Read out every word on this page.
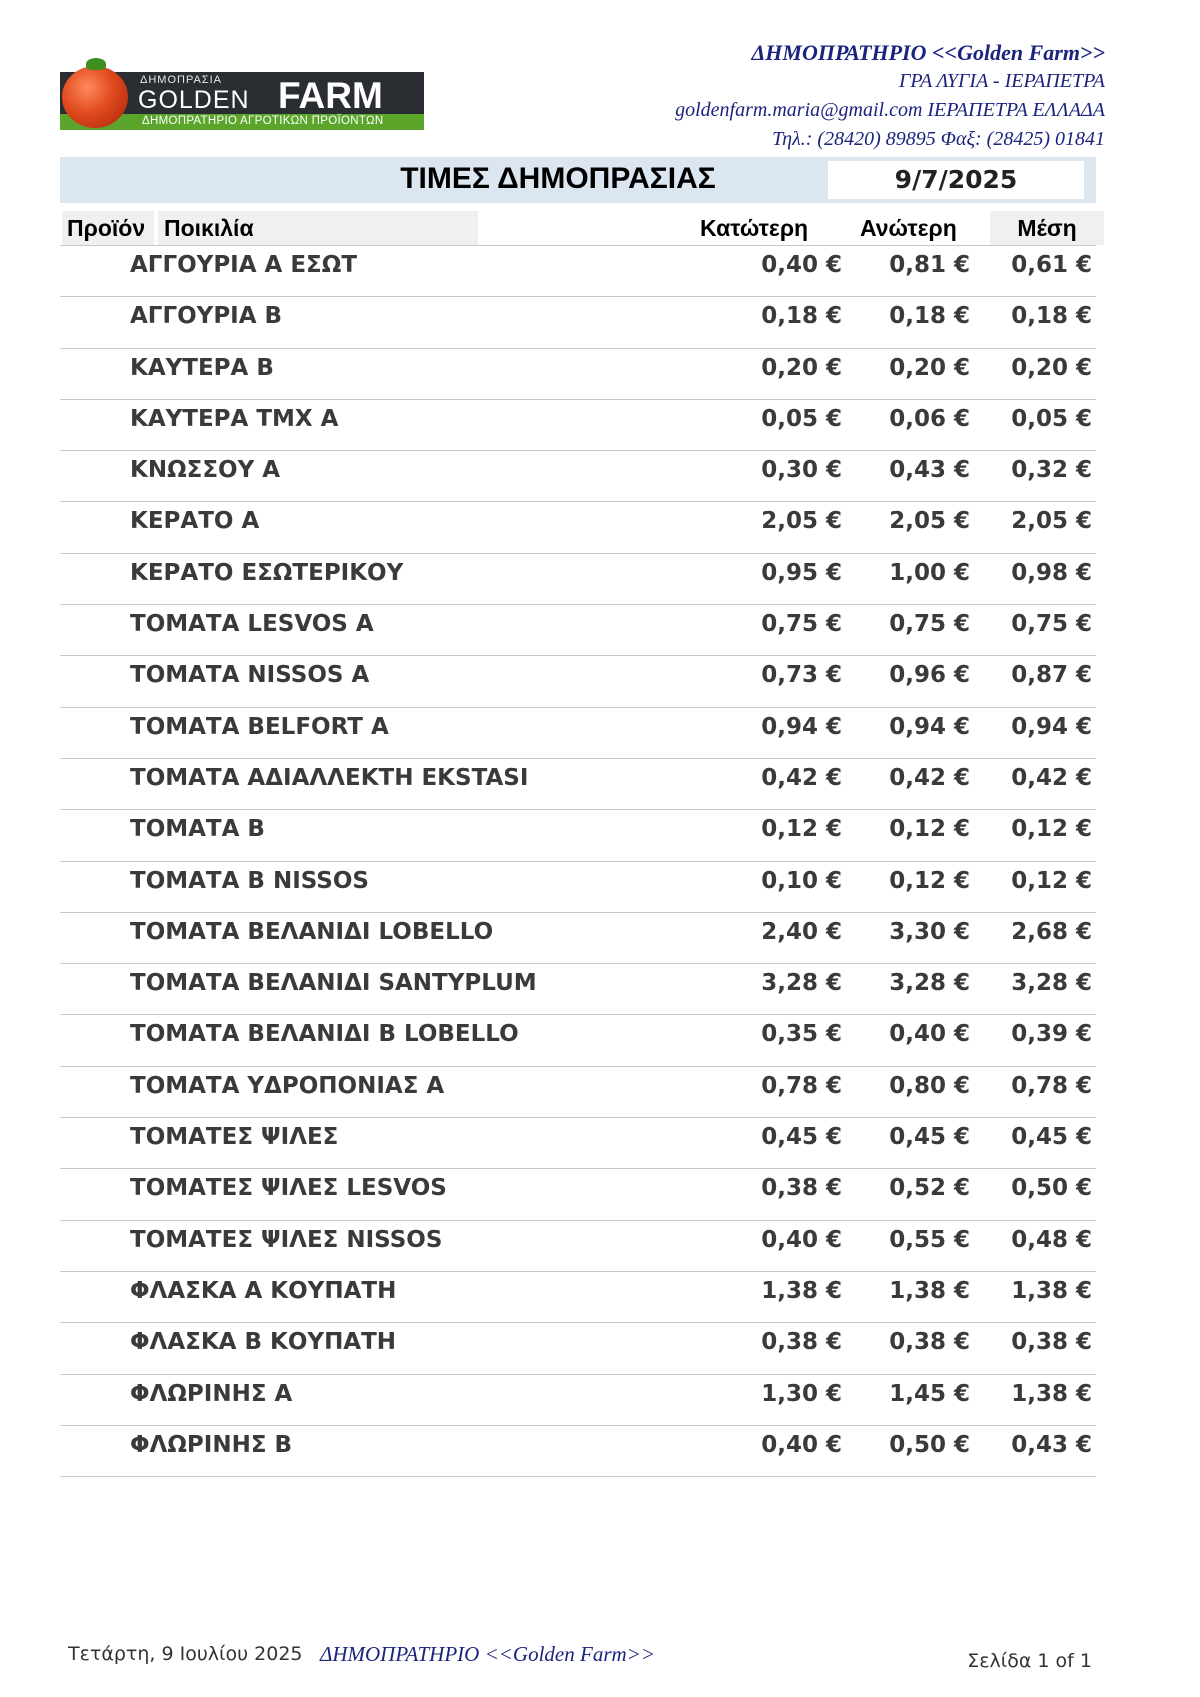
ΔΗΜΟΠΡΑΣΙΑ
GOLDEN FARM
ΔΗΜΟΠΡΑΤΗΡΙΟ ΑΓΡΟΤΙΚΩΝ ΠΡΟΪΟΝΤΩΝ
ΔΗΜΟΠΡΑΤΗΡΙΟ <<Golden Farm>>
ΓΡΑ ΛΥΓΙΑ - ΙΕΡΑΠΕΤΡΑ
goldenfarm.maria@gmail.com ΙΕΡΑΠΕΤΡΑ ΕΛΛΑΔΑ
Τηλ.: (28420) 89895 Φαξ: (28425) 01841
ΤΙΜΕΣ ΔΗΜΟΠΡΑΣΙΑΣ	9/7/2025
Προϊόν Ποικιλία	Κατώτερη	Ανώτερη	Μέση
ΑΓΓΟΥΡΙΑ Α ΕΣΩΤ	0,40 € 0,81 € 0,61 €
ΑΓΓΟΥΡΙΑ Β	0,18 € 0,18 € 0,18 €
ΚΑΥΤΕΡΑ Β	0,20 € 0,20 € 0,20 €
ΚΑΥΤΕΡΑ ΤΜΧ Α	0,05 € 0,06 € 0,05 €
ΚΝΩΣΣΟΥ Α	0,30 € 0,43 € 0,32 €
ΚΕΡΑΤΟ Α	2,05 € 2,05 € 2,05 €
ΚΕΡΑΤΟ ΕΣΩΤΕΡΙΚΟΥ	0,95 € 1,00 € 0,98 €
ΤΟΜΑΤΑ LESVOS Α	0,75 € 0,75 € 0,75 €
ΤΟΜΑΤΑ NISSOS Α	0,73 € 0,96 € 0,87 €
ΤΟΜΑΤΑ BELFORT Α	0,94 € 0,94 € 0,94 €
ΤΟΜΑΤΑ ΑΔΙΑΛΛΕΚΤΗ EKSTASI	0,42 € 0,42 € 0,42 €
ΤΟΜΑΤΑ Β	0,12 € 0,12 € 0,12 €
ΤΟΜΑΤΑ Β NISSOS	0,10 € 0,12 € 0,12 €
ΤΟΜΑΤΑ ΒΕΛΑΝΙΔΙ LOBELLO	2,40 € 3,30 € 2,68 €
ΤΟΜΑΤΑ ΒΕΛΑΝΙΔΙ SANTYPLUM	3,28 € 3,28 € 3,28 €
ΤΟΜΑΤΑ ΒΕΛΑΝΙΔΙ Β LOBELLO	0,35 € 0,40 € 0,39 €
ΤΟΜΑΤΑ ΥΔΡΟΠΟΝΙΑΣ Α	0,78 € 0,80 € 0,78 €
ΤΟΜΑΤΕΣ ΨΙΛΕΣ	0,45 € 0,45 € 0,45 €
ΤΟΜΑΤΕΣ ΨΙΛΕΣ LESVOS	0,38 € 0,52 € 0,50 €
ΤΟΜΑΤΕΣ ΨΙΛΕΣ NISSOS	0,40 € 0,55 € 0,48 €
ΦΛΑΣΚΑ Α ΚΟΥΠΑΤΗ	1,38 € 1,38 € 1,38 €
ΦΛΑΣΚΑ Β ΚΟΥΠΑΤΗ	0,38 € 0,38 € 0,38 €
ΦΛΩΡΙΝΗΣ Α	1,30 € 1,45 € 1,38 €
ΦΛΩΡΙΝΗΣ Β	0,40 € 0,50 € 0,43 €
Τετάρτη, 9 Ιουλίου 2025 ΔΗΜΟΠΡΑΤΗΡΙΟ <<Golden Farm>>	Σελίδα 1 of 1
